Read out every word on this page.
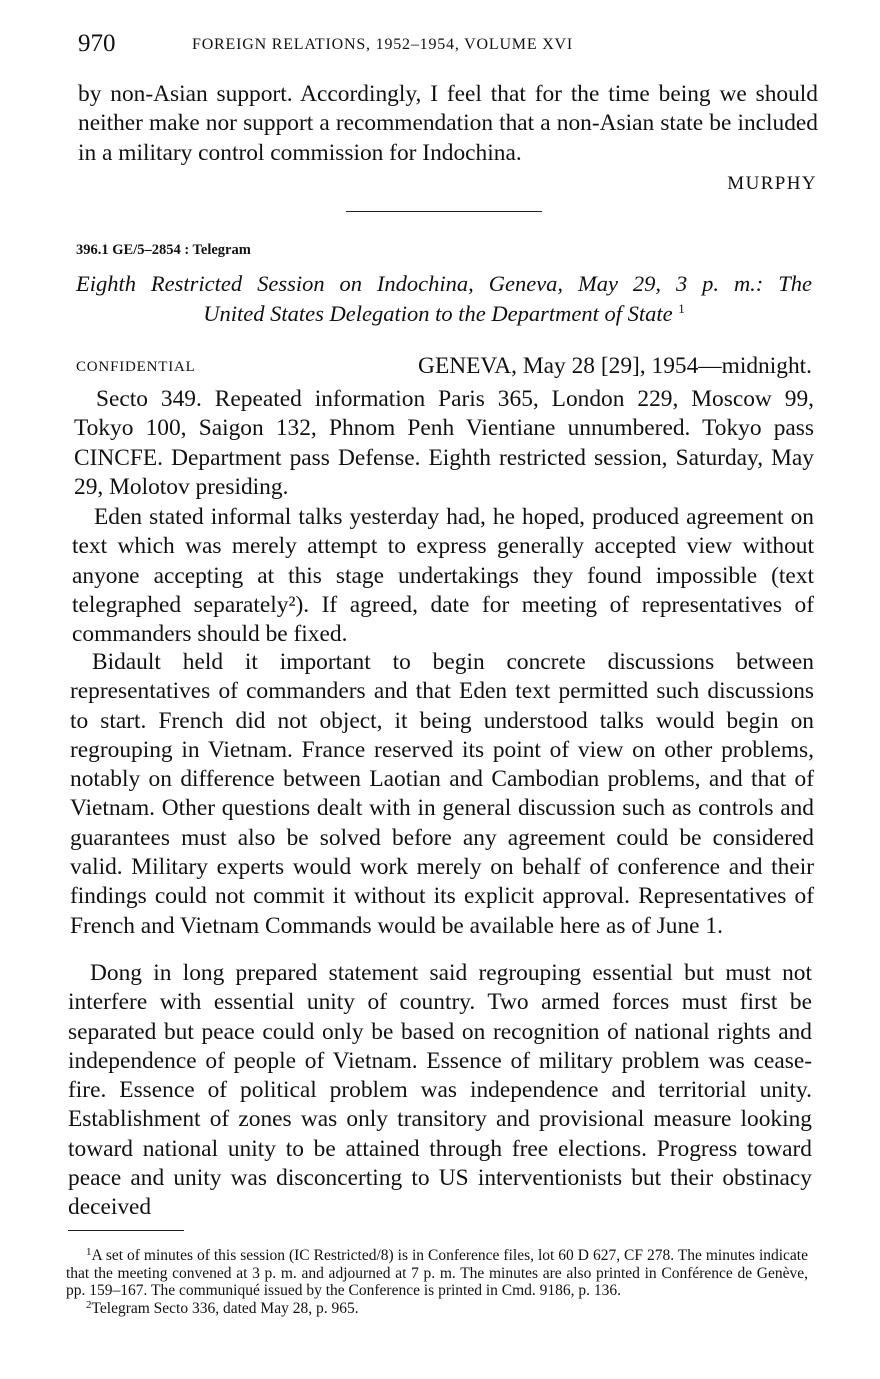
970	FOREIGN RELATIONS, 1952–1954, VOLUME XVI

by non-Asian support. Accordingly, I feel that for the time being we should neither make nor support a recommendation that a non-Asian state be included in a military control commission for Indochina.

MURPHY
396.1 GE/5–2854 : Telegram

Eighth Restricted Session on Indochina, Geneva, May 29, 3 p. m.: The
United States Delegation to the Department of State $^1$

CONFIDENTIAL	GENEVA, May 28 [29], 1954—midnight.

Secto 349. Repeated information Paris 365, London 229, Moscow 99, Tokyo 100, Saigon 132, Phnom Penh Vientiane unnumbered. Tokyo pass CINCFE. Department pass Defense. Eighth restricted session, Saturday, May 29, Molotov presiding.

Eden stated informal talks yesterday had, he hoped, produced agreement on text which was merely attempt to express generally accepted view without anyone accepting at this stage undertakings they found impossible (text telegraphed separately²). If agreed, date for meeting of representatives of commanders should be fixed.

Bidault held it important to begin concrete discussions between representatives of commanders and that Eden text permitted such discussions to start. French did not object, it being understood talks would begin on regrouping in Vietnam. France reserved its point of view on other problems, notably on difference between Laotian and Cambodian problems, and that of Vietnam. Other questions dealt with in general discussion such as controls and guarantees must also be solved before any agreement could be considered valid. Military experts would work merely on behalf of conference and their findings could not commit it without its explicit approval. Representatives of French and Vietnam Commands would be available here as of June 1.

Dong in long prepared statement said regrouping essential but must not interfere with essential unity of country. Two armed forces must first be separated but peace could only be based on recognition of national rights and independence of people of Vietnam. Essence of military problem was cease-fire. Essence of political problem was independence and territorial unity. Establishment of zones was only transitory and provisional measure looking toward national unity to be attained through free elections. Progress toward peace and unity was disconcerting to US interventionists but their obstinacy deceived

$^1$A set of minutes of this session (IC Restricted/8) is in Conference files, lot 60 D 627, CF 278. The minutes indicate that the meeting convened at 3 p. m. and adjourned at 7 p. m. The minutes are also printed in Conférence de Genève, pp. 159–167. The communiqué issued by the Conference is printed in Cmd. 9186, p. 136.

$^2$Telegram Secto 336, dated May 28, p. 965.
